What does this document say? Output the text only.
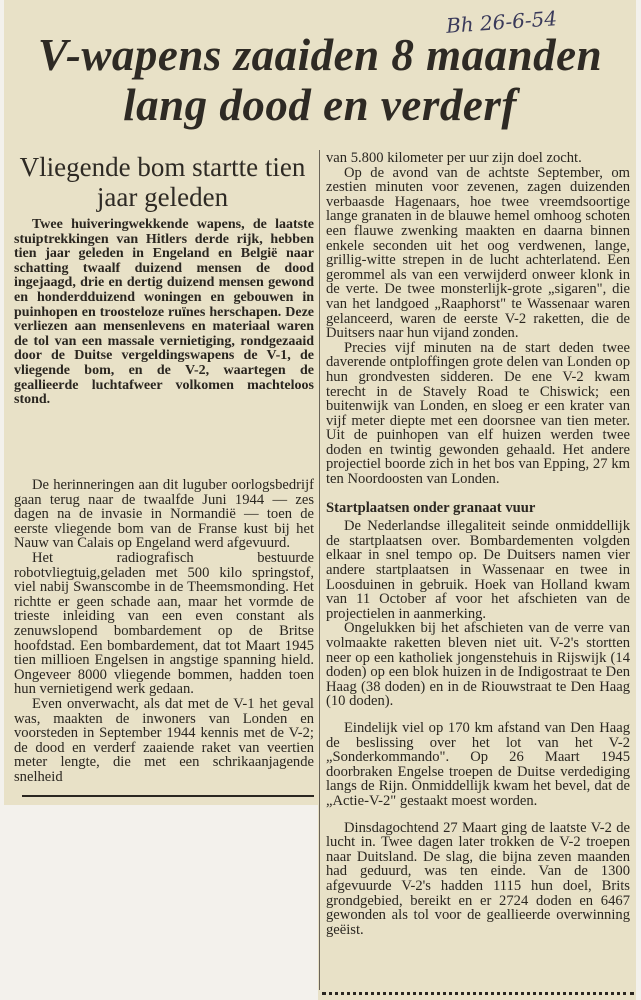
Bh 26-6-54
V-wapens zaaiden 8 maanden lang dood en verderf
Vliegende bom startte tien jaar geleden

Twee huiveringwekkende wapens, de laatste stuiptrekkingen van Hitlers derde rijk, hebben tien jaar geleden in Engeland en België naar schatting twaalf duizend mensen de dood ingejaagd, drie en dertig duizend mensen gewond en honderdduizend woningen en gebouwen in puinhopen en troosteloze ruïnes herschapen. Deze verliezen aan mensenlevens en materiaal waren de tol van een massale vernietiging, rondgezaaid door de Duitse vergeldingswapens de V-1, de vliegende bom, en de V-2, waartegen de geallieerde luchtafweer volkomen machteloos stond.

De herinneringen aan dit luguber oorlogsbedrijf gaan terug naar de twaalfde Juni 1944 — zes dagen na de invasie in Normandië — toen de eerste vliegende bom van de Franse kust bij het Nauw van Calais op Engeland werd afgevuurd.

Het radiografisch bestuurde robotvliegtuig,geladen met 500 kilo springstof, viel nabij Swanscombe in de Theemsmonding. Het richtte er geen schade aan, maar het vormde de trieste inleiding van een even constant als zenuwslopend bombardement op de Britse hoofdstad. Een bombardement, dat tot Maart 1945 tien millioen Engelsen in angstige spanning hield. Ongeveer 8000 vliegende bommen, hadden toen hun vernietigend werk gedaan.

Even onverwacht, als dat met de V-1 het geval was, maakten de inwoners van Londen en voorsteden in September 1944 kennis met de V-2; de dood en verderf zaaiende raket van veertien meter lengte, die met een schrikaanjagende snelheid

van 5.800 kilometer per uur zijn doel zocht.

Op de avond van de achtste September, om zestien minuten voor zevenen, zagen duizenden verbaasde Hagenaars, hoe twee vreemdsoortige lange granaten in de blauwe hemel omhoog schoten een flauwe zwenking maakten en daarna binnen enkele seconden uit het oog verdwenen, lange, grillig-witte strepen in de lucht achterlatend. Een gerommel als van een verwijderd onweer klonk in de verte. De twee monsterlijk-grote „sigaren", die van het landgoed „Raaphorst" te Wassenaar waren gelanceerd, waren de eerste V-2 raketten, die de Duitsers naar hun vijand zonden.

Precies vijf minuten na de start deden twee daverende ontploffingen grote delen van Londen op hun grondvesten sidderen. De ene V-2 kwam terecht in de Stavely Road te Chiswick; een buitenwijk van Londen, en sloeg er een krater van vijf meter diepte met een doorsnee van tien meter. Uit de puinhopen van elf huizen werden twee doden en twintig gewonden gehaald. Het andere projectiel boorde zich in het bos van Epping, 27 km ten Noordoosten van Londen.

Startplaatsen onder granaat vuur

De Nederlandse illegaliteit seinde onmiddellijk de startplaatsen over. Bombardementen volgden elkaar in snel tempo op. De Duitsers namen vier andere startplaatsen in Wassenaar en twee in Loosduinen in gebruik. Hoek van Holland kwam van 11 October af voor het afschieten van de projectielen in aanmerking.

Ongelukken bij het afschieten van de verre van volmaakte raketten bleven niet uit. V-2's stortten neer op een katholiek jongenstehuis in Rijswijk (14 doden) op een blok huizen in de Indigostraat te Den Haag (38 doden) en in de Riouwstraat te Den Haag (10 doden).

Eindelijk viel op 170 km afstand van Den Haag de beslissing over het lot van het V-2 „Sonderkommando". Op 26 Maart 1945 doorbraken Engelse troepen de Duitse verdediging langs de Rijn. Onmiddellijk kwam het bevel, dat de „Actie-V-2" gestaakt moest worden.

Dinsdagochtend 27 Maart ging de laatste V-2 de lucht in. Twee dagen later trokken de V-2 troepen naar Duitsland. De slag, die bijna zeven maanden had geduurd, was ten einde. Van de 1300 afgevuurde V-2's hadden 1115 hun doel, Brits grondgebied, bereikt en er 2724 doden en 6467 gewonden als tol voor de geallieerde overwinning geëist.
